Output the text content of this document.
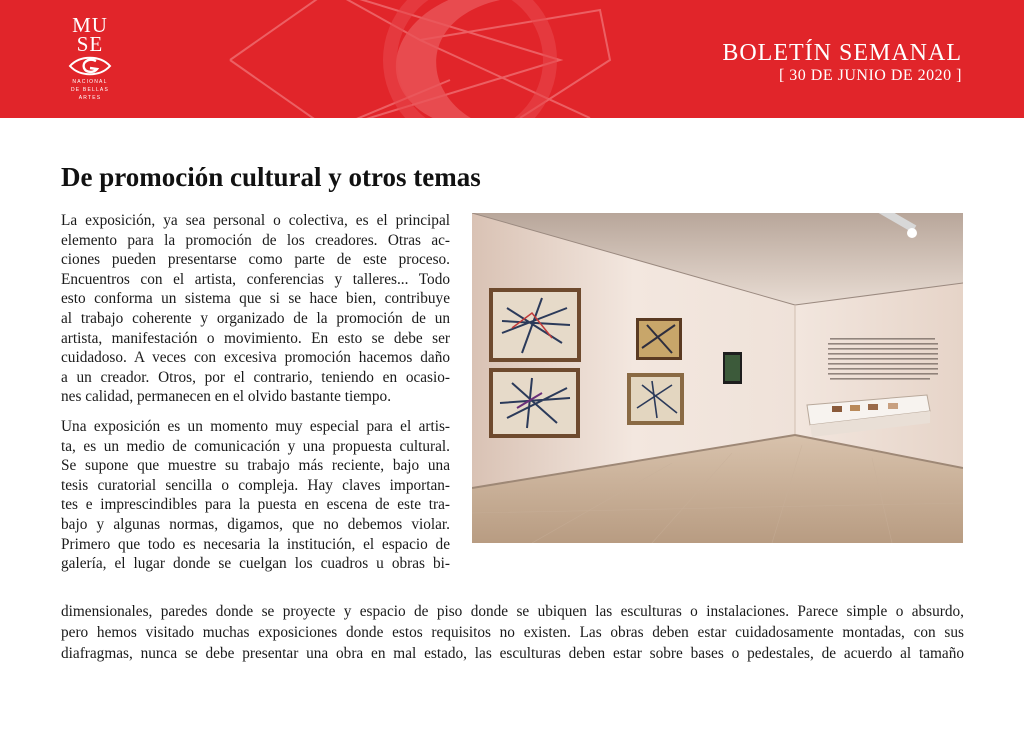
MU
SE
NACIONAL
DE BELLAS
ARTES
BOLETÍN SEMANAL
[ 30 DE JUNIO DE 2020 ]
De promoción cultural y otros temas

La exposición, ya sea personal o colectiva, es el principal
elemento para la promoción de los creadores. Otras ac-
ciones pueden presentarse como parte de este proceso.
Encuentros con el artista, conferencias y talleres... Todo
esto conforma un sistema que si se hace bien, contribuye
al trabajo coherente y organizado de la promoción de un
artista, manifestación o movimiento. En esto se debe ser
cuidadoso. A veces con excesiva promoción hacemos daño
a un creador. Otros, por el contrario, teniendo en ocasio-
nes calidad, permanecen en el olvido bastante tiempo.

Una exposición es un momento muy especial para el artis-
ta, es un medio de comunicación y una propuesta cultural.
Se supone que muestre su trabajo más reciente, bajo una
tesis curatorial sencilla o compleja. Hay claves importan-
tes e imprescindibles para la puesta en escena de este tra-
bajo y algunas normas, digamos, que no debemos violar.
Primero que todo es necesaria la institución, el espacio de
galería, el lugar donde se cuelgan los cuadros u obras bi-

dimensionales, paredes donde se proyecte y espacio de piso donde se ubiquen las esculturas o instalaciones. Parece simple o absurdo,
pero hemos visitado muchas exposiciones donde estos requisitos no existen. Las obras deben estar cuidadosamente montadas, con sus
diafragmas, nunca se debe presentar una obra en mal estado, las esculturas deben estar sobre bases o pedestales, de acuerdo al tamaño
